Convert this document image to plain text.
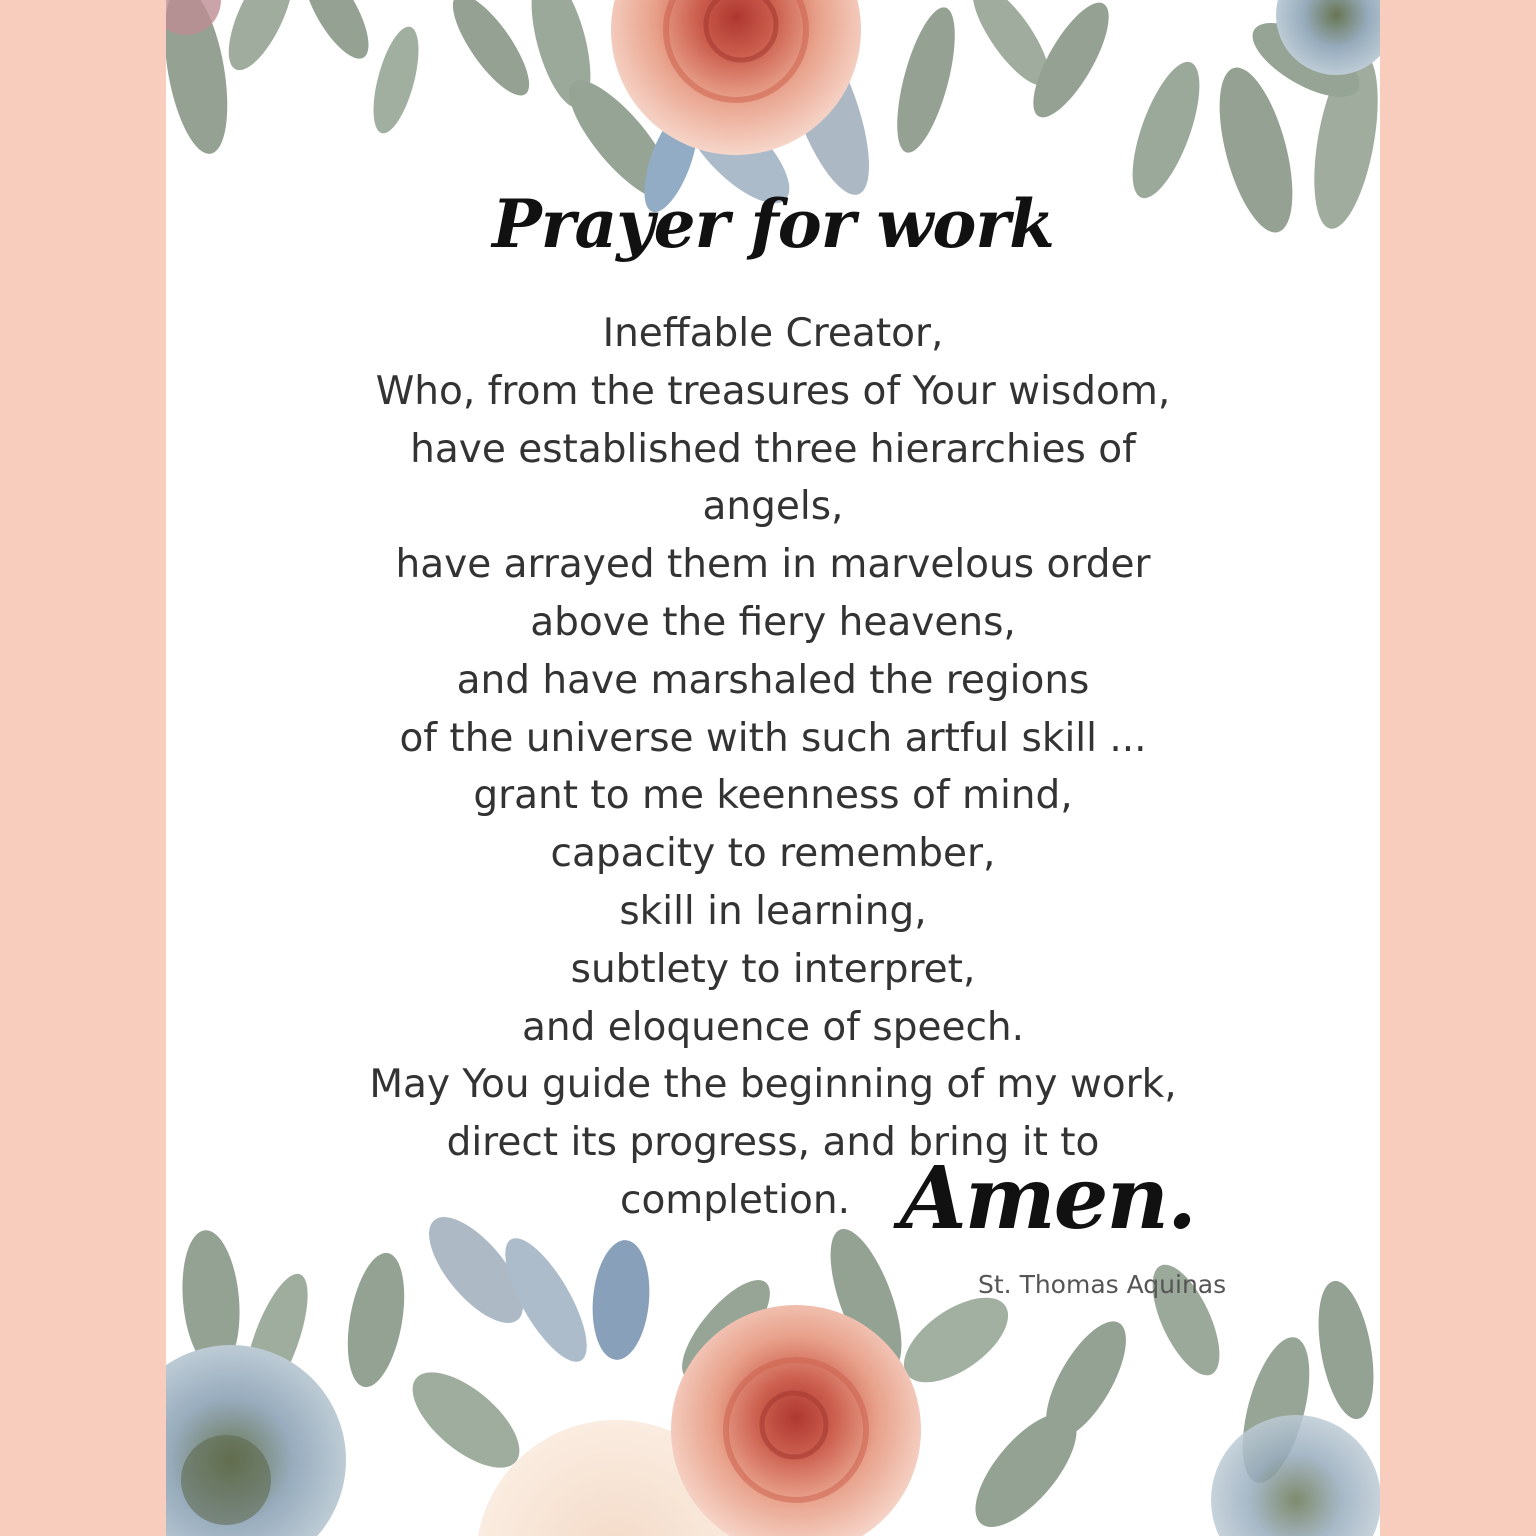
Prayer for work
Ineffable Creator,
Who, from the treasures of Your wisdom,
have established three hierarchies of
angels,
have arrayed them in marvelous order
above the fiery heavens,
and have marshaled the regions
of the universe with such artful skill ...
grant to me keenness of mind,
capacity to remember,
skill in learning,
subtlety to interpret,
and eloquence of speech.
May You guide the beginning of my work,
direct its progress, and bring it to
completion. Amen.
St. Thomas Aquinas
